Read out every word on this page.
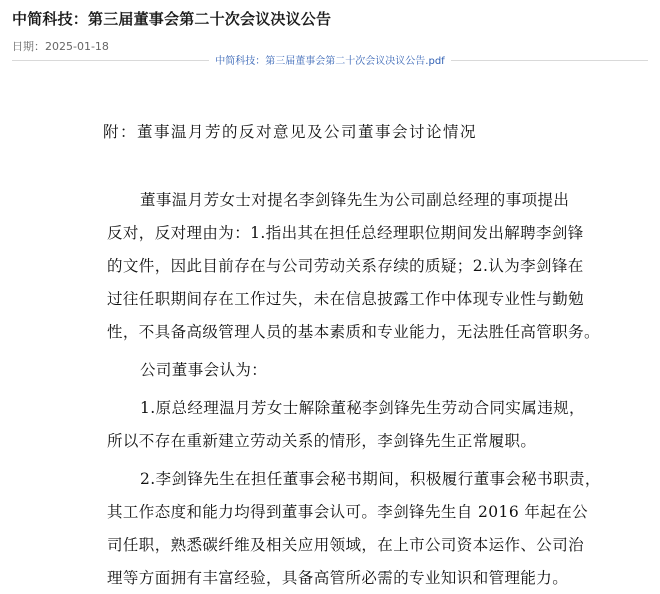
中简科技：第三届董事会第二十次会议决议公告
日期：2025-01-18
中简科技：第三届董事会第二十次会议决议公告.pdf
附：董事温月芳的反对意见及公司董事会讨论情况
董事温月芳女士对提名李剑锋先生为公司副总经理的事项提出
反对，反对理由为：1.指出其在担任总经理职位期间发出解聘李剑锋
的文件，因此目前存在与公司劳动关系存续的质疑；2.认为李剑锋在
过往任职期间存在工作过失，未在信息披露工作中体现专业性与勤勉
性，不具备高级管理人员的基本素质和专业能力，无法胜任高管职务。
公司董事会认为：
1.原总经理温月芳女士解除董秘李剑锋先生劳动合同实属违规，
所以不存在重新建立劳动关系的情形，李剑锋先生正常履职。
2.李剑锋先生在担任董事会秘书期间，积极履行董事会秘书职责，
其工作态度和能力均得到董事会认可。李剑锋先生自 2016 年起在公
司任职，熟悉碳纤维及相关应用领域，在上市公司资本运作、公司治
理等方面拥有丰富经验，具备高管所必需的专业知识和管理能力。
